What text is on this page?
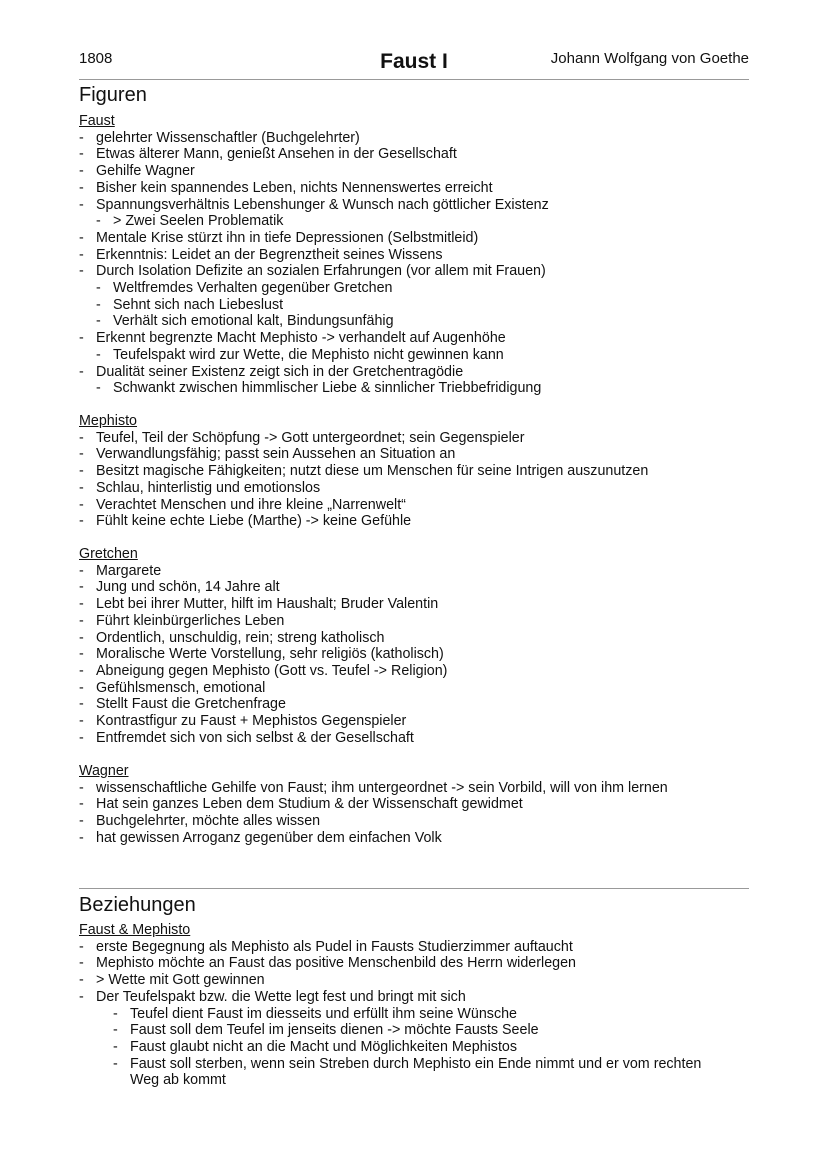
1808	Faust I	Johann Wolfgang von Goethe
Figuren
Faust
- gelehrter Wissenschaftler (Buchgelehrter)
- Etwas älterer Mann, genießt Ansehen in der Gesellschaft
- Gehilfe Wagner
- Bisher kein spannendes Leben, nichts Nennenswertes erreicht
- Spannungsverhältnis Lebenshunger & Wunsch nach göttlicher Existenz
- > Zwei Seelen Problematik
- Mentale Krise stürzt ihn in tiefe Depressionen (Selbstmitleid)
- Erkenntnis: Leidet an der Begrenztheit seines Wissens
- Durch Isolation Defizite an sozialen Erfahrungen (vor allem mit Frauen)
- Weltfremdes Verhalten gegenüber Gretchen
- Sehnt sich nach Liebeslust
- Verhält sich emotional kalt, Bindungsunfähig
- Erkennt begrenzte Macht Mephisto -> verhandelt auf Augenhöhe
- Teufelspakt wird zur Wette, die Mephisto nicht gewinnen kann
- Dualität seiner Existenz zeigt sich in der Gretchentragödie
- Schwankt zwischen himmlischer Liebe & sinnlicher Triebbefridigung
Mephisto
- Teufel, Teil der Schöpfung -> Gott untergeordnet; sein Gegenspieler
- Verwandlungsfähig; passt sein Aussehen an Situation an
- Besitzt magische Fähigkeiten; nutzt diese um Menschen für seine Intrigen auszunutzen
- Schlau, hinterlistig und emotionslos
- Verachtet Menschen und ihre kleine „Narrenwelt“
- Fühlt keine echte Liebe (Marthe) -> keine Gefühle
Gretchen
- Margarete
- Jung und schön, 14 Jahre alt
- Lebt bei ihrer Mutter, hilft im Haushalt; Bruder Valentin
- Führt kleinbürgerliches Leben
- Ordentlich, unschuldig, rein; streng katholisch
- Moralische Werte Vorstellung, sehr religiös (katholisch)
- Abneigung gegen Mephisto (Gott vs. Teufel -> Religion)
- Gefühlsmensch, emotional
- Stellt Faust die Gretchenfrage
- Kontrastfigur zu Faust + Mephistos Gegenspieler
- Entfremdet sich von sich selbst & der Gesellschaft
Wagner
- wissenschaftliche Gehilfe von Faust; ihm untergeordnet -> sein Vorbild, will von ihm lernen
- Hat sein ganzes Leben dem Studium & der Wissenschaft gewidmet
- Buchgelehrter, möchte alles wissen
- hat gewissen Arroganz gegenüber dem einfachen Volk
Beziehungen
Faust & Mephisto
- erste Begegnung als Mephisto als Pudel in Fausts Studierzimmer auftaucht
- Mephisto möchte an Faust das positive Menschenbild des Herrn widerlegen
- > Wette mit Gott gewinnen
- Der Teufelspakt bzw. die Wette legt fest und bringt mit sich
- Teufel dient Faust im diesseits und erfüllt ihm seine Wünsche
- Faust soll dem Teufel im jenseits dienen -> möchte Fausts Seele
- Faust glaubt nicht an die Macht und Möglichkeiten Mephistos
- Faust soll sterben, wenn sein Streben durch Mephisto ein Ende nimmt und er vom rechten Weg ab kommt
